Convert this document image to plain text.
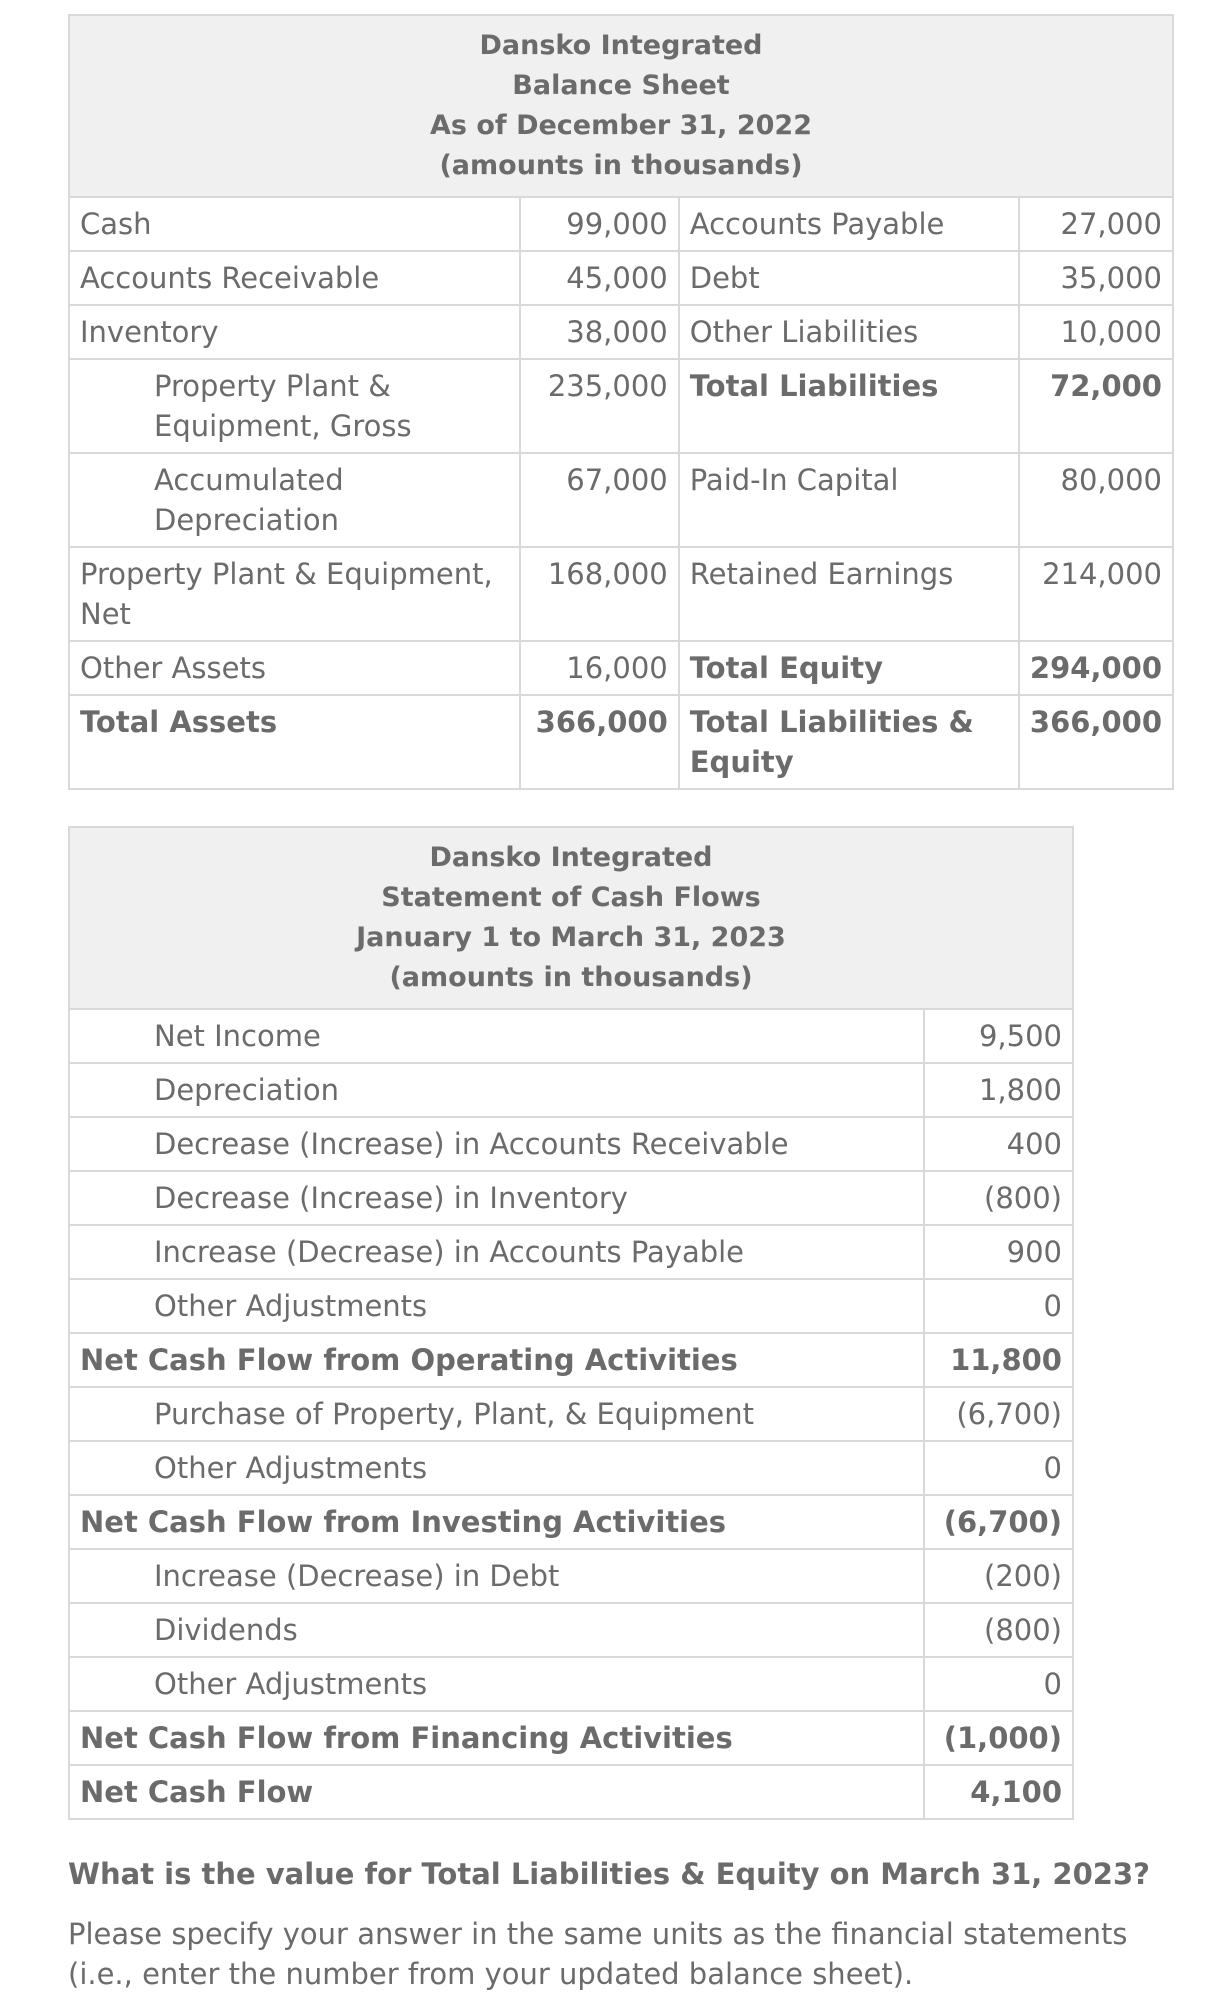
Dansko Integrated
Balance Sheet
As of December 31, 2022
(amounts in thousands)			

Cash	99,000	Accounts Payable	27,000
Accounts Receivable	45,000	Debt	35,000
Inventory	38,000	Other Liabilities	10,000
Property Plant & Equipment, Gross	235,000	Total Liabilities	72,000
Accumulated Depreciation	67,000	Paid-In Capital	80,000
Property Plant & Equipment, Net	168,000	Retained Earnings	214,000
Other Assets	16,000	Total Equity	294,000
Total Assets	366,000	Total Liabilities & Equity	366,000
Dansko Integrated
Statement of Cash Flows
January 1 to March 31, 2023
(amounts in thousands)	

Net Income	9,500
Depreciation	1,800
Decrease (Increase) in Accounts Receivable	400
Decrease (Increase) in Inventory	(800)
Increase (Decrease) in Accounts Payable	900
Other Adjustments	0
Net Cash Flow from Operating Activities	11,800
Purchase of Property, Plant, & Equipment	(6,700)
Other Adjustments	0
Net Cash Flow from Investing Activities	(6,700)
Increase (Decrease) in Debt	(200)
Dividends	(800)
Other Adjustments	0
Net Cash Flow from Financing Activities	(1,000)
Net Cash Flow	4,100

What is the value for Total Liabilities & Equity on March 31, 2023?

Please specify your answer in the same units as the financial statements (i.e., enter the number from your updated balance sheet).
